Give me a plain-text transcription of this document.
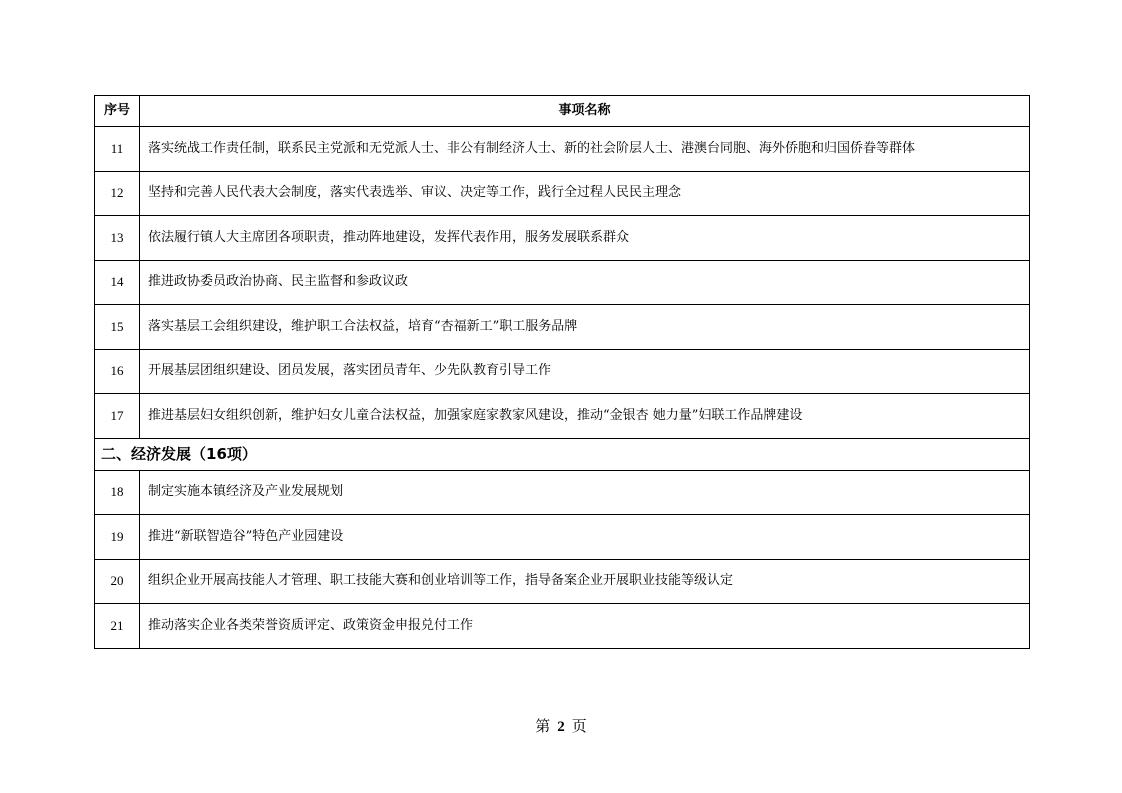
序号	事项名称
11	落实统战工作责任制，联系民主党派和无党派人士、非公有制经济人士、新的社会阶层人士、港澳台同胞、海外侨胞和归国侨眷等群体
12	坚持和完善人民代表大会制度，落实代表选举、审议、决定等工作，践行全过程人民民主理念
13	依法履行镇人大主席团各项职责，推动阵地建设，发挥代表作用，服务发展联系群众
14	推进政协委员政治协商、民主监督和参政议政
15	落实基层工会组织建设，维护职工合法权益，培育“杏福新工”职工服务品牌
16	开展基层团组织建设、团员发展，落实团员青年、少先队教育引导工作
17	推进基层妇女组织创新，维护妇女儿童合法权益，加强家庭家教家风建设，推动“金银杏 她力量”妇联工作品牌建设
二、经济发展（16项）	
18	制定实施本镇经济及产业发展规划
19	推进“新联智造谷”特色产业园建设
20	组织企业开展高技能人才管理、职工技能大赛和创业培训等工作，指导备案企业开展职业技能等级认定
21	推动落实企业各类荣誉资质评定、政策资金申报兑付工作
第 2 页
